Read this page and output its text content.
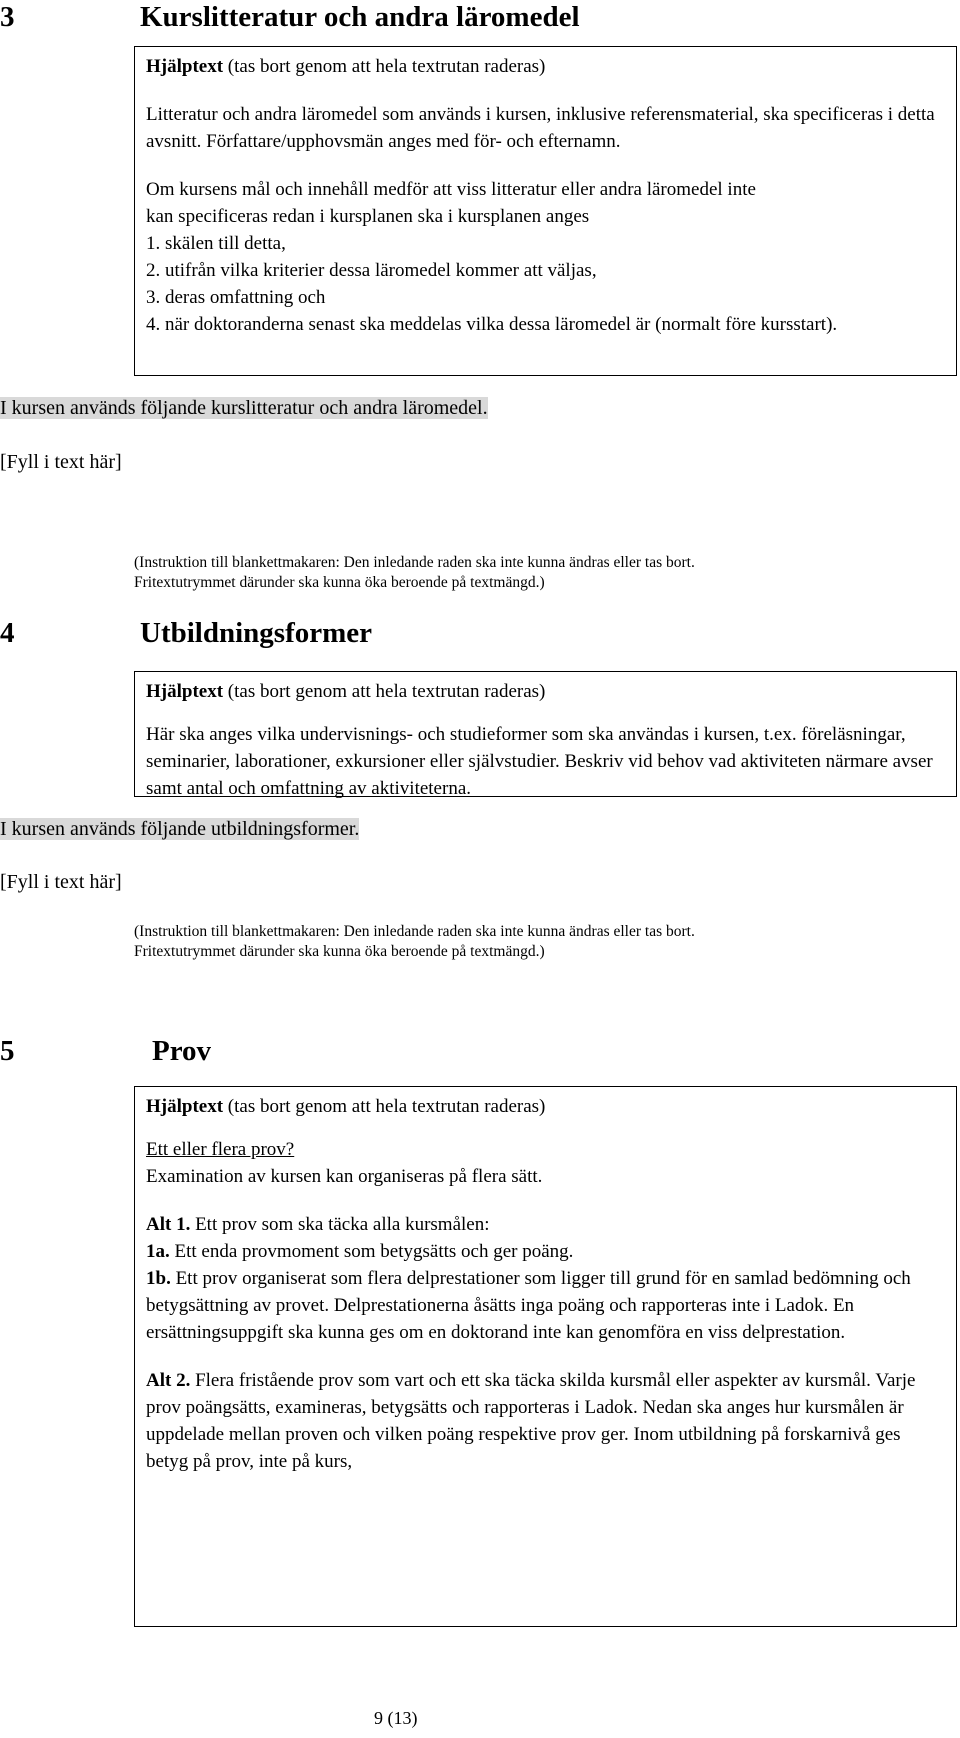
3	Kurslitteratur och andra läromedel

Hjälptext (tas bort genom att hela textrutan raderas)

Litteratur och andra läromedel som används i kursen, inklusive referensmaterial, ska specificeras i detta avsnitt. Författare/upphovsmän anges med för- och efternamn.

Om kursens mål och innehåll medför att viss litteratur eller andra läromedel inte

kan specificeras redan i kursplanen ska i kursplanen anges

1. skälen till detta,

2. utifrån vilka kriterier dessa läromedel kommer att väljas,

3. deras omfattning och

4. när doktoranderna senast ska meddelas vilka dessa läromedel är (normalt före kursstart).

I kursen används följande kurslitteratur och andra läromedel.
[Fyll i text här]
(Instruktion till blankettmakaren: Den inledande raden ska inte kunna ändras eller tas bort.
Fritextutrymmet därunder ska kunna öka beroende på textmängd.)
4	Utbildningsformer

Hjälptext (tas bort genom att hela textrutan raderas)

Här ska anges vilka undervisnings- och studieformer som ska användas i kursen, t.ex. föreläsningar, seminarier, laborationer, exkursioner eller självstudier. Beskriv vid behov vad aktiviteten närmare avser samt antal och omfattning av aktiviteterna.

I kursen används följande utbildningsformer.
[Fyll i text här]
(Instruktion till blankettmakaren: Den inledande raden ska inte kunna ändras eller tas bort.
Fritextutrymmet därunder ska kunna öka beroende på textmängd.)
5	Prov

Hjälptext (tas bort genom att hela textrutan raderas)

Ett eller flera prov?

Examination av kursen kan organiseras på flera sätt.

Alt 1. Ett prov som ska täcka alla kursmålen:

1a. Ett enda provmoment som betygsätts och ger poäng.

1b. Ett prov organiserat som flera delprestationer som ligger till grund för en samlad bedömning och betygsättning av provet. Delprestationerna åsätts inga poäng och rapporteras inte i Ladok. En ersättningsuppgift ska kunna ges om en doktorand inte kan genomföra en viss delprestation.

Alt 2. Flera fristående prov som vart och ett ska täcka skilda kursmål eller aspekter av kursmål. Varje prov poängsätts, examineras, betygsätts och rapporteras i Ladok. Nedan ska anges hur kursmålen är uppdelade mellan proven och vilken poäng respektive prov ger. Inom utbildning på forskarnivå ges betyg på prov, inte på kurs,

9 (13)
